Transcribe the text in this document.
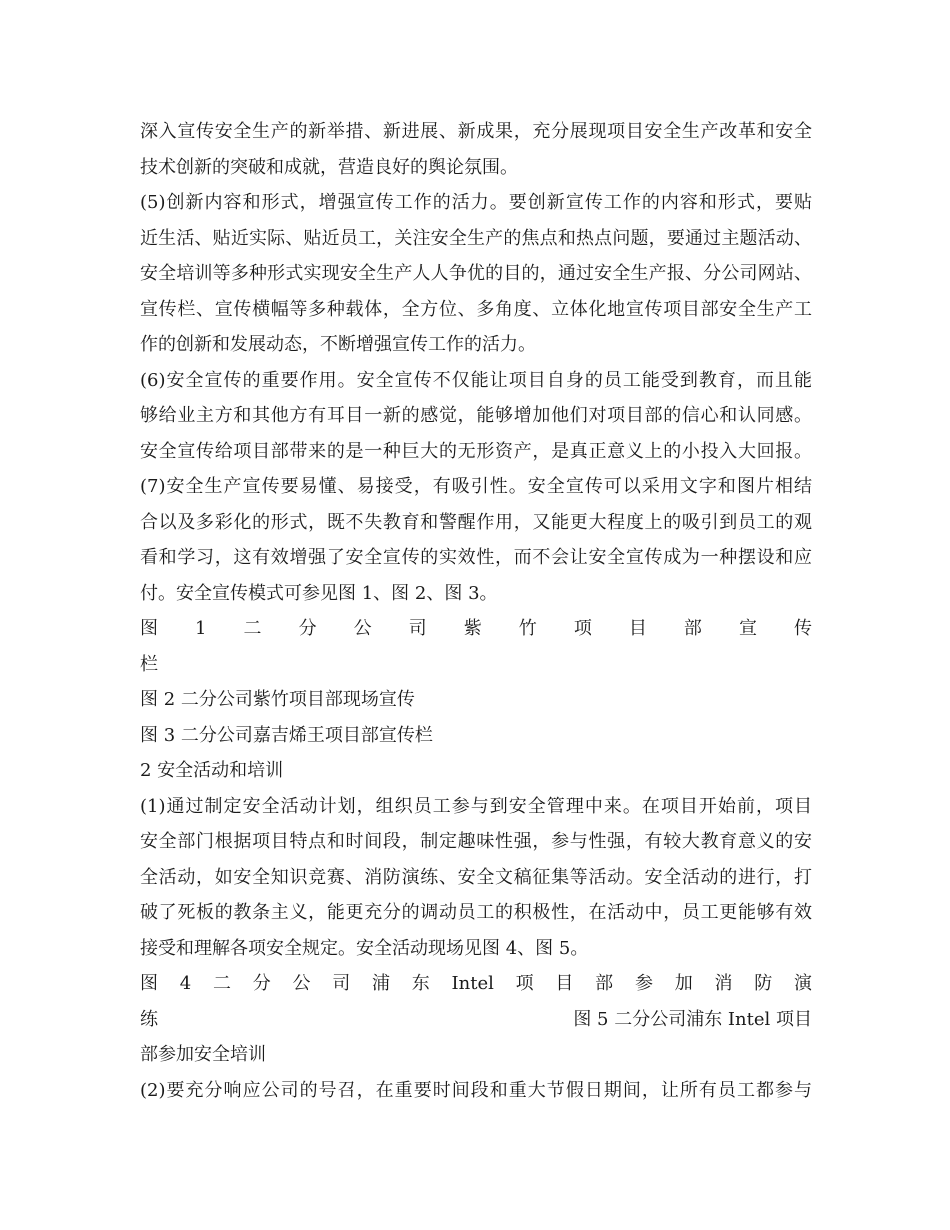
深入宣传安全生产的新举措、新进展、新成果，充分展现项目安全生产改革和安全
技术创新的突破和成就，营造良好的舆论氛围。
(5)创新内容和形式，增强宣传工作的活力。要创新宣传工作的内容和形式，要贴
近生活、贴近实际、贴近员工，关注安全生产的焦点和热点问题，要通过主题活动、
安全培训等多种形式实现安全生产人人争优的目的，通过安全生产报、分公司网站、
宣传栏、宣传横幅等多种载体，全方位、多角度、立体化地宣传项目部安全生产工
作的创新和发展动态，不断增强宣传工作的活力。
(6)安全宣传的重要作用。安全宣传不仅能让项目自身的员工能受到教育，而且能
够给业主方和其他方有耳目一新的感觉，能够增加他们对项目部的信心和认同感。
安全宣传给项目部带来的是一种巨大的无形资产，是真正意义上的小投入大回报。
(7)安全生产宣传要易懂、易接受，有吸引性。安全宣传可以采用文字和图片相结
合以及多彩化的形式，既不失教育和警醒作用，又能更大程度上的吸引到员工的观
看和学习，这有效增强了安全宣传的实效性，而不会让安全宣传成为一种摆设和应
付。安全宣传模式可参见图 1、图 2、图 3。
图　1　二　分　公　司　紫　竹　项　目　部　宣　传
栏
图 2 二分公司紫竹项目部现场宣传
图 3 二分公司嘉吉烯王项目部宣传栏
2 安全活动和培训
(1)通过制定安全活动计划，组织员工参与到安全管理中来。在项目开始前，项目
安全部门根据项目特点和时间段，制定趣味性强，参与性强，有较大教育意义的安
全活动，如安全知识竞赛、消防演练、安全文稿征集等活动。安全活动的进行，打
破了死板的教条主义，能更充分的调动员工的积极性，在活动中，员工更能够有效
接受和理解各项安全规定。安全活动现场见图 4、图 5。
图　4　二　分　公　司　浦　东　Intel　项　目　部　参　加　消　防　演
练	图 5 二分公司浦东 Intel 项目
部参加安全培训
(2)要充分响应公司的号召，在重要时间段和重大节假日期间，让所有员工都参与
